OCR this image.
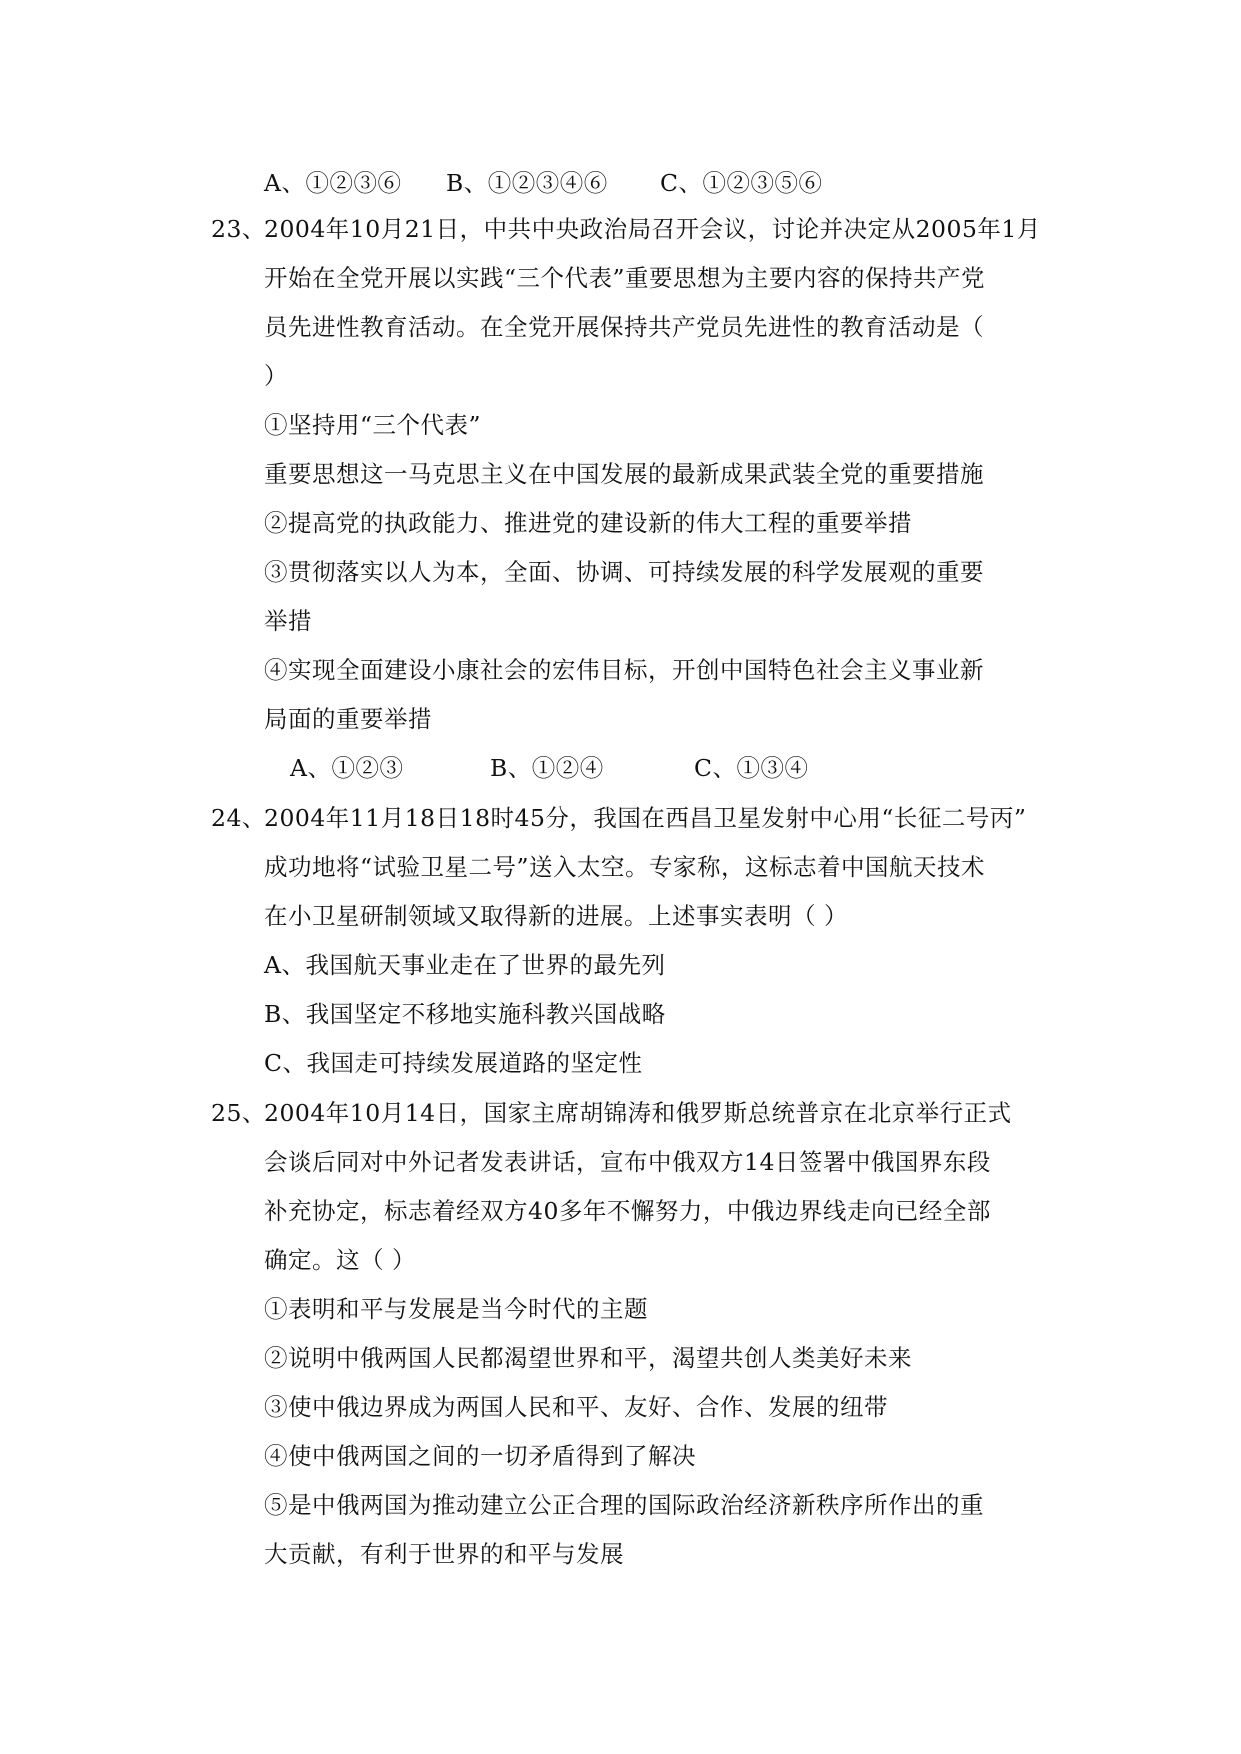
A、①②③⑥ B、①②③④⑥ C、①②③⑤⑥
23、
2004年10月21日，中共中央政治局召开会议，讨论并决定从2005年1月
开始在全党开展以实践“三个代表”重要思想为主要内容的保持共产党
员先进性教育活动。在全党开展保持共产党员先进性的教育活动是（
）
①坚持用“三个代表”
重要思想这一马克思主义在中国发展的最新成果武装全党的重要措施
②提高党的执政能力、推进党的建设新的伟大工程的重要举措
③贯彻落实以人为本，全面、协调、可持续发展的科学发展观的重要
举措
④实现全面建设小康社会的宏伟目标，开创中国特色社会主义事业新
局面的重要举措
A、①②③	B、①②④	C、①③④
24、
2004年11月18日18时45分，我国在西昌卫星发射中心用“长征二号丙”
成功地将“试验卫星二号”送入太空。专家称，这标志着中国航天技术
在小卫星研制领域又取得新的进展。上述事实表明（ ）
A、我国航天事业走在了世界的最先列
B、我国坚定不移地实施科教兴国战略
C、我国走可持续发展道路的坚定性
25、
2004年10月14日，国家主席胡锦涛和俄罗斯总统普京在北京举行正式
会谈后同对中外记者发表讲话，宣布中俄双方14日签署中俄国界东段
补充协定，标志着经双方40多年不懈努力，中俄边界线走向已经全部
确定。这（ ）
①表明和平与发展是当今时代的主题
②说明中俄两国人民都渴望世界和平，渴望共创人类美好未来
③使中俄边界成为两国人民和平、友好、合作、发展的纽带
④使中俄两国之间的一切矛盾得到了解决
⑤是中俄两国为推动建立公正合理的国际政治经济新秩序所作出的重
大贡献，有利于世界的和平与发展
